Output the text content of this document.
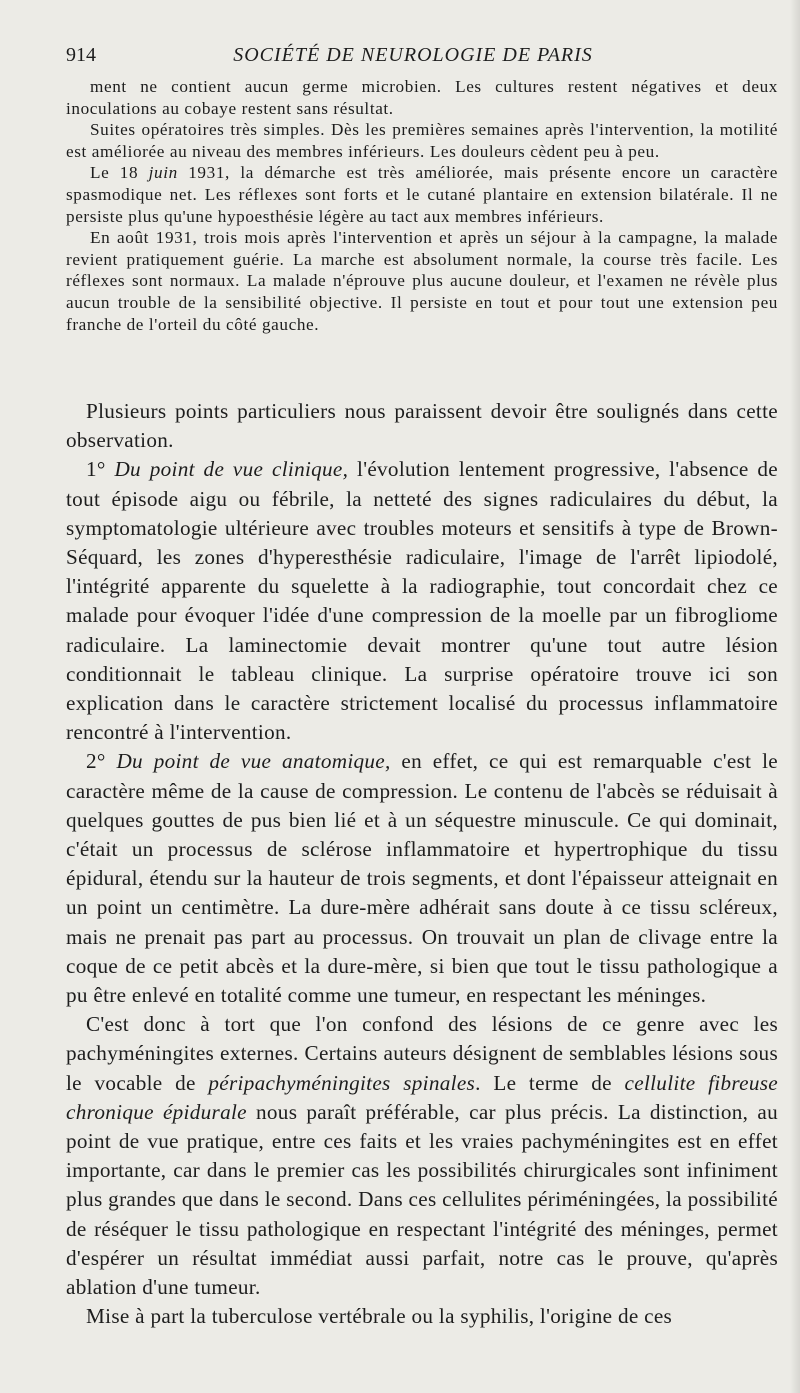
914	SOCIÉTÉ DE NEUROLOGIE DE PARIS

ment ne contient aucun germe microbien. Les cultures restent négatives et deux inoculations au cobaye restent sans résultat.

Suites opératoires très simples. Dès les premières semaines après l'intervention, la motilité est améliorée au niveau des membres inférieurs. Les douleurs cèdent peu à peu.

Le 18 juin 1931, la démarche est très améliorée, mais présente encore un caractère spasmodique net. Les réflexes sont forts et le cutané plantaire en extension bilatérale. Il ne persiste plus qu'une hypoesthésie légère au tact aux membres inférieurs.

En août 1931, trois mois après l'intervention et après un séjour à la campagne, la malade revient pratiquement guérie. La marche est absolument normale, la course très facile. Les réflexes sont normaux. La malade n'éprouve plus aucune douleur, et l'examen ne révèle plus aucun trouble de la sensibilité objective. Il persiste en tout et pour tout une extension peu franche de l'orteil du côté gauche.

Plusieurs points particuliers nous paraissent devoir être soulignés dans cette observation.

1° Du point de vue clinique, l'évolution lentement progressive, l'absence de tout épisode aigu ou fébrile, la netteté des signes radiculaires du début, la symptomatologie ultérieure avec troubles moteurs et sensitifs à type de Brown-Séquard, les zones d'hyperesthésie radiculaire, l'image de l'arrêt lipiodolé, l'intégrité apparente du squelette à la radiographie, tout concordait chez ce malade pour évoquer l'idée d'une compression de la moelle par un fibrogliome radiculaire. La laminectomie devait montrer qu'une tout autre lésion conditionnait le tableau clinique. La surprise opératoire trouve ici son explication dans le caractère strictement localisé du processus inflammatoire rencontré à l'intervention.

2° Du point de vue anatomique, en effet, ce qui est remarquable c'est le caractère même de la cause de compression. Le contenu de l'abcès se réduisait à quelques gouttes de pus bien lié et à un séquestre minuscule. Ce qui dominait, c'était un processus de sclérose inflammatoire et hypertrophique du tissu épidural, étendu sur la hauteur de trois segments, et dont l'épaisseur atteignait en un point un centimètre. La dure-mère adhérait sans doute à ce tissu scléreux, mais ne prenait pas part au processus. On trouvait un plan de clivage entre la coque de ce petit abcès et la dure-mère, si bien que tout le tissu pathologique a pu être enlevé en totalité comme une tumeur, en respectant les méninges.

C'est donc à tort que l'on confond des lésions de ce genre avec les pachyméningites externes. Certains auteurs désignent de semblables lésions sous le vocable de péripachyméningites spinales. Le terme de cellulite fibreuse chronique épidurale nous paraît préférable, car plus précis. La distinction, au point de vue pratique, entre ces faits et les vraies pachyméningites est en effet importante, car dans le premier cas les possibilités chirurgicales sont infiniment plus grandes que dans le second. Dans ces cellulites périméningées, la possibilité de réséquer le tissu pathologique en respectant l'intégrité des méninges, permet d'espérer un résultat immédiat aussi parfait, notre cas le prouve, qu'après ablation d'une tumeur.

Mise à part la tuberculose vertébrale ou la syphilis, l'origine de ces
